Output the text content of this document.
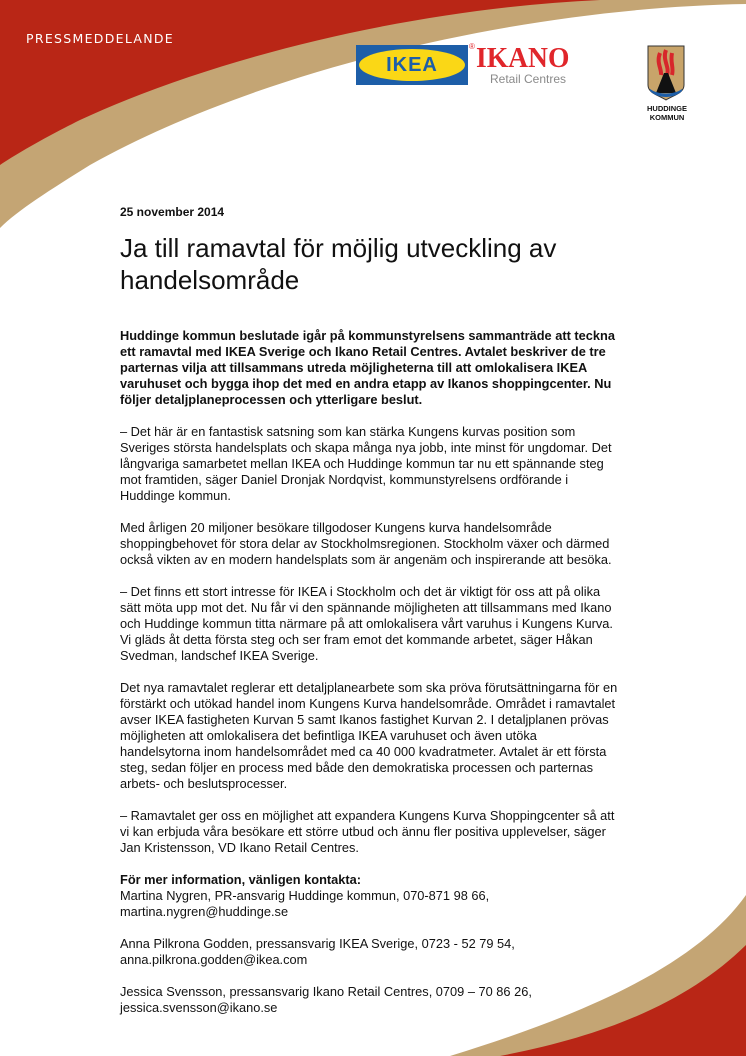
PRESSMEDDELANDE
IKEA
® IKANO
Retail Centres
HUDDINGE
KOMMUN
25 november 2014
Ja till ramavtal för möjlig utveckling av handelsområde

Huddinge kommun beslutade igår på kommunstyrelsens sammanträde att teckna ett ramavtal med IKEA Sverige och Ikano Retail Centres. Avtalet beskriver de tre parternas vilja att tillsammans utreda möjligheterna till att omlokalisera IKEA varuhuset och bygga ihop det med en andra etapp av Ikanos shoppingcenter. Nu följer detaljplaneprocessen och ytterligare beslut.

– Det här är en fantastisk satsning som kan stärka Kungens kurvas position som Sveriges största handelsplats och skapa många nya jobb, inte minst för ungdomar. Det långvariga samarbetet mellan IKEA och Huddinge kommun tar nu ett spännande steg mot framtiden, säger Daniel Dronjak Nordqvist, kommunstyrelsens ordförande i Huddinge kommun.

Med årligen 20 miljoner besökare tillgodoser Kungens kurva handelsområde shoppingbehovet för stora delar av Stockholmsregionen. Stockholm växer och därmed också vikten av en modern handelsplats som är angenäm och inspirerande att besöka.

– Det finns ett stort intresse för IKEA i Stockholm och det är viktigt för oss att på olika sätt möta upp mot det. Nu får vi den spännande möjligheten att tillsammans med Ikano och Huddinge kommun titta närmare på att omlokalisera vårt varuhus i Kungens Kurva. Vi gläds åt detta första steg och ser fram emot det kommande arbetet, säger Håkan Svedman, landschef IKEA Sverige.

Det nya ramavtalet reglerar ett detaljplanearbete som ska pröva förutsättningarna för en förstärkt och utökad handel inom Kungens Kurva handelsområde. Området i ramavtalet avser IKEA fastigheten Kurvan 5 samt Ikanos fastighet Kurvan 2. I detaljplanen prövas möjligheten att omlokalisera det befintliga IKEA varuhuset och även utöka handelsytorna inom handelsområdet med ca 40 000 kvadratmeter. Avtalet är ett första steg, sedan följer en process med både den demokratiska processen och parternas arbets- och beslutsprocesser.

– Ramavtalet ger oss en möjlighet att expandera Kungens Kurva Shoppingcenter så att vi kan erbjuda våra besökare ett större utbud och ännu fler positiva upplevelser, säger Jan Kristensson, VD Ikano Retail Centres.

För mer information, vänligen kontakta:

Martina Nygren, PR-ansvarig Huddinge kommun, 070-871 98 66,
martina.nygren@huddinge.se

Anna Pilkrona Godden, pressansvarig IKEA Sverige, 0723 - 52 79 54,
anna.pilkrona.godden@ikea.com

Jessica Svensson, pressansvarig Ikano Retail Centres, 0709 – 70 86 26,
jessica.svensson@ikano.se
